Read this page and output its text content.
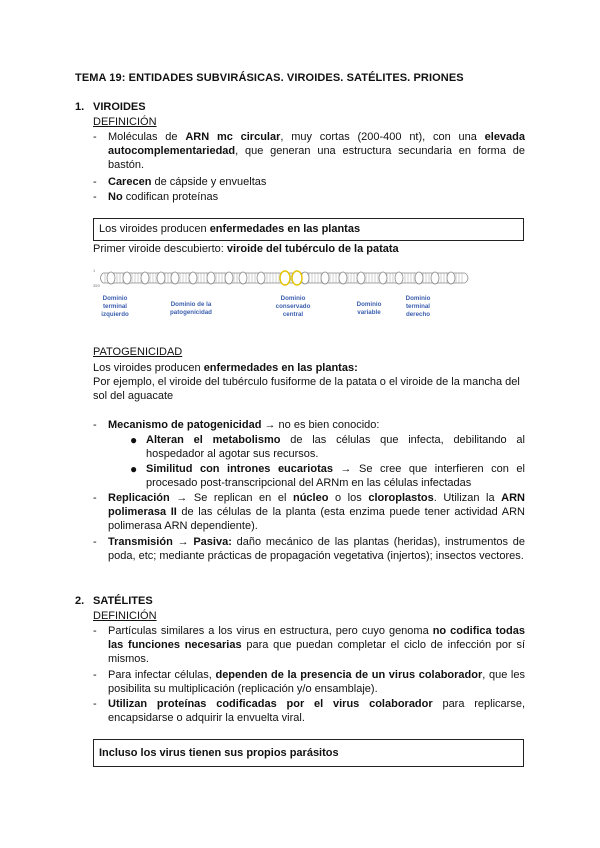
TEMA 19: ENTIDADES SUBVIRÁSICAS. VIROIDES. SATÉLITES. PRIONES
1. VIROIDES
DEFINICIÓN
- Moléculas de ARN mc circular, muy cortas (200-400 nt), con una elevada autocomplementariedad, que generan una estructura secundaria en forma de bastón.
- Carecen de cápside y envueltas
- No codifican proteínas
Los viroides producen enfermedades en las plantas
Primer viroide descubierto: viroide del tubérculo de la patata
1
359
Dominio
terminal
izquierdo
Dominio de la
patogenicidad
Dominio
conservado
central
Dominio
variable
Dominio
terminal
derecho
PATOGENICIDAD
Los viroides producen enfermedades en las plantas:
Por ejemplo, el viroide del tubérculo fusiforme de la patata o el viroide de la mancha del sol del aguacate
- Mecanismo de patogenicidad → no es bien conocido:
● Alteran el metabolismo de las células que infecta, debilitando al hospedador al agotar sus recursos.
● Similitud con intrones eucariotas → Se cree que interfieren con el procesado post-transcripcional del ARNm en las células infectadas
- Replicación → Se replican en el núcleo o los cloroplastos. Utilizan la ARN polimerasa II de las células de la planta (esta enzima puede tener actividad ARN polimerasa ARN dependiente).
- Transmisión → Pasiva: daño mecánico de las plantas (heridas), instrumentos de poda, etc; mediante prácticas de propagación vegetativa (injertos); insectos vectores.
2. SATÉLITES
DEFINICIÓN
- Partículas similares a los virus en estructura, pero cuyo genoma no codifica todas las funciones necesarias para que puedan completar el ciclo de infección por sí mismos.
- Para infectar células, dependen de la presencia de un virus colaborador, que les posibilita su multiplicación (replicación y/o ensamblaje).
- Utilizan proteínas codificadas por el virus colaborador para replicarse, encapsidarse o adquirir la envuelta viral.
Incluso los virus tienen sus propios parásitos
